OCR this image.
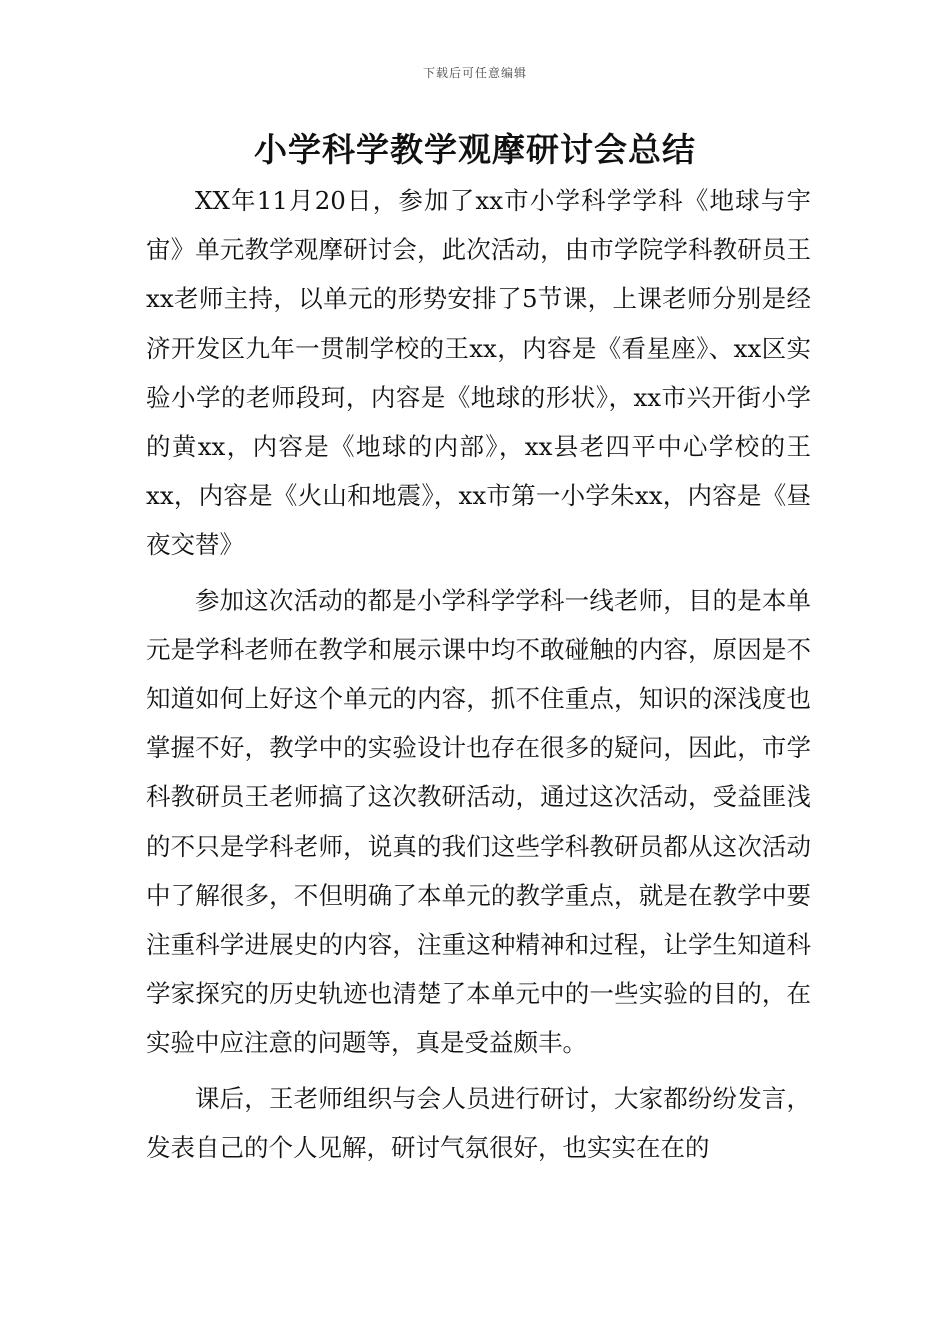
下载后可任意编辑
小学科学教学观摩研讨会总结

XX年11月20日，参加了xx市小学科学学科《地球与宇宙》单元教学观摩研讨会，此次活动，由市学院学科教研员王xx老师主持，以单元的形势安排了5节课，上课老师分别是经济开发区九年一贯制学校的王xx，内容是《看星座》、xx区实验小学的老师段珂，内容是《地球的形状》，xx市兴开街小学的黄xx，内容是《地球的内部》，xx县老四平中心学校的王xx，内容是《火山和地震》，xx市第一小学朱xx，内容是《昼夜交替》

参加这次活动的都是小学科学学科一线老师，目的是本单元是学科老师在教学和展示课中均不敢碰触的内容，原因是不知道如何上好这个单元的内容，抓不住重点，知识的深浅度也掌握不好，教学中的实验设计也存在很多的疑问，因此，市学科教研员王老师搞了这次教研活动，通过这次活动，受益匪浅的不只是学科老师，说真的我们这些学科教研员都从这次活动中了解很多，不但明确了本单元的教学重点，就是在教学中要注重科学进展史的内容，注重这种精神和过程，让学生知道科学家探究的历史轨迹也清楚了本单元中的一些实验的目的，在实验中应注意的问题等，真是受益颇丰。

课后，王老师组织与会人员进行研讨，大家都纷纷发言，发表自己的个人见解，研讨气氛很好，也实实在在的
